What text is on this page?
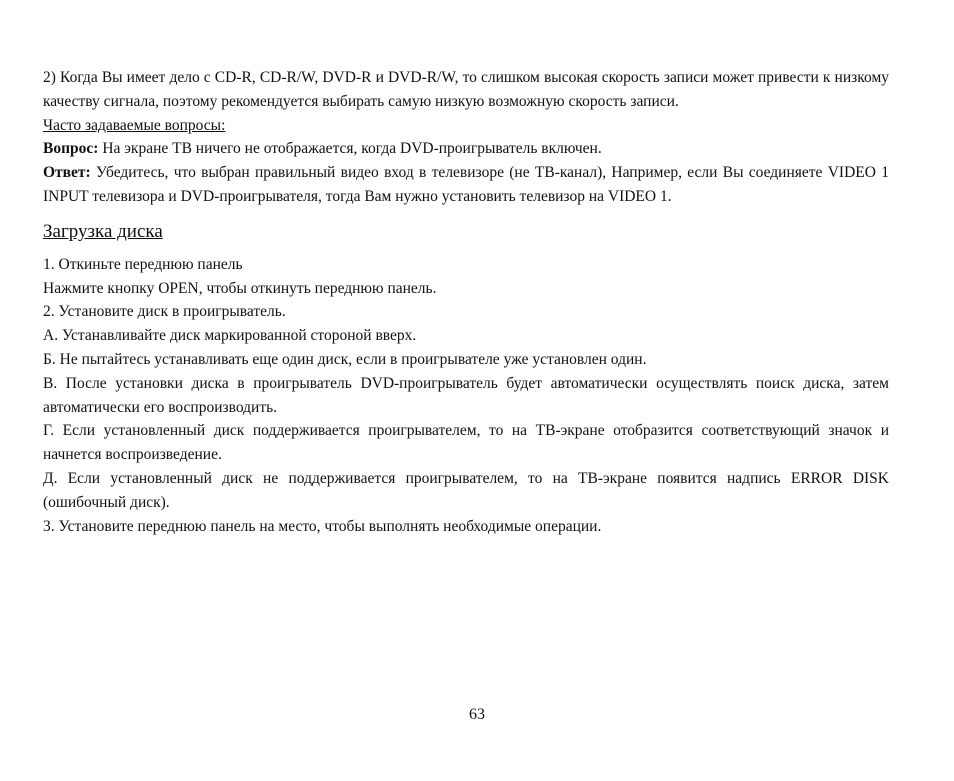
2) Когда Вы имеет дело с CD-R, CD-R/W, DVD-R и DVD-R/W, то слишком высокая скорость записи может привести к низкому качеству сигнала, поэтому рекомендуется выбирать самую низкую возможную скорость записи.

Часто задаваемые вопросы:

Вопрос: На экране ТВ ничего не отображается, когда DVD-проигрыватель включен.

Ответ: Убедитесь, что выбран правильный видео вход в телевизоре (не ТВ-канал), Например, если Вы соединяете VIDEO 1 INPUT телевизора и DVD-проигрывателя, тогда Вам нужно установить телевизор на VIDEO 1.

Загрузка диска

1. Откиньте переднюю панель

Нажмите кнопку OPEN, чтобы откинуть переднюю панель.

2. Установите диск в проигрыватель.

А. Устанавливайте диск маркированной стороной вверх.

Б. Не пытайтесь устанавливать еще один диск, если в проигрывателе уже установлен один.

В. После установки диска в проигрыватель DVD-проигрыватель будет автоматически осуществлять поиск диска, затем автоматически его воспроизводить.

Г. Если установленный диск поддерживается проигрывателем, то на ТВ-экране отобразится соответствующий значок и начнется воспроизведение.

Д. Если установленный диск не поддерживается проигрывателем, то на ТВ-экране появится надпись ERROR DISK (ошибочный диск).

3. Установите переднюю панель на место, чтобы выполнять необходимые операции.

63
